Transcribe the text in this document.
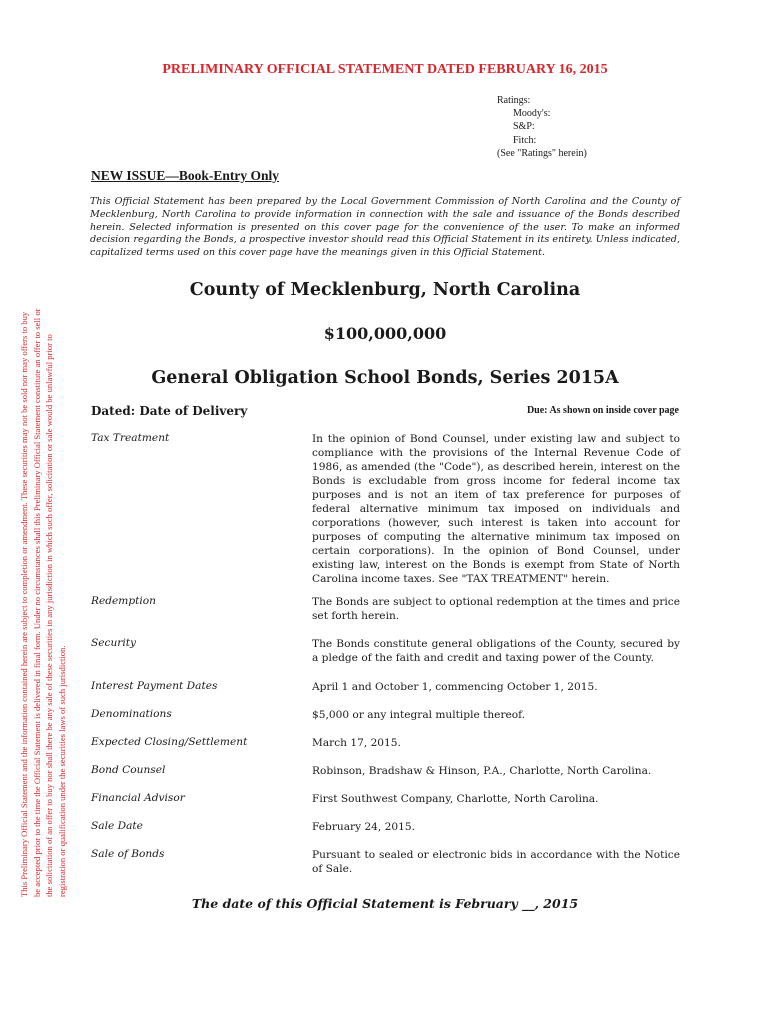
This Preliminary Official Statement and the information contained herein are subject to completion or amendment. These securities may not be sold nor may offers to buy be accepted prior to the time the Official Statement is delivered in final form. Under no circumstances shall this Preliminary Official Statement constitute an offer to sell or the solicitation of an offer to buy nor shall there be any sale of these securities in any jurisdiction in which such offer, solicitation or sale would be unlawful prior to registration or qualification under the securities laws of such jurisdiction.
PRELIMINARY OFFICIAL STATEMENT DATED FEBRUARY 16, 2015
Ratings:
Moody's:
S&P:
Fitch:
(See "Ratings" herein)
NEW ISSUE—Book-Entry Only
This Official Statement has been prepared by the Local Government Commission of North Carolina and the County of Mecklenburg, North Carolina to provide information in connection with the sale and issuance of the Bonds described herein. Selected information is presented on this cover page for the convenience of the user. To make an informed decision regarding the Bonds, a prospective investor should read this Official Statement in its entirety. Unless indicated, capitalized terms used on this cover page have the meanings given in this Official Statement.
County of Mecklenburg, North Carolina
$100,000,000
General Obligation School Bonds, Series 2015A
Dated: Date of Delivery	Due: As shown on inside cover page
Tax Treatment	In the opinion of Bond Counsel, under existing law and subject to compliance with the provisions of the Internal Revenue Code of 1986, as amended (the "Code"), as described herein, interest on the Bonds is excludable from gross income for federal income tax purposes and is not an item of tax preference for purposes of federal alternative minimum tax imposed on individuals and corporations (however, such interest is taken into account for purposes of computing the alternative minimum tax imposed on certain corporations). In the opinion of Bond Counsel, under existing law, interest on the Bonds is exempt from State of North Carolina income taxes. See "TAX TREATMENT" herein.
Redemption	The Bonds are subject to optional redemption at the times and price set forth herein.
Security	The Bonds constitute general obligations of the County, secured by a pledge of the faith and credit and taxing power of the County.
Interest Payment Dates	April 1 and October 1, commencing October 1, 2015.
Denominations	$5,000 or any integral multiple thereof.
Expected Closing/Settlement	March 17, 2015.
Bond Counsel	Robinson, Bradshaw & Hinson, P.A., Charlotte, North Carolina.
Financial Advisor	First Southwest Company, Charlotte, North Carolina.
Sale Date	February 24, 2015.
Sale of Bonds	Pursuant to sealed or electronic bids in accordance with the Notice of Sale.
The date of this Official Statement is February __, 2015
